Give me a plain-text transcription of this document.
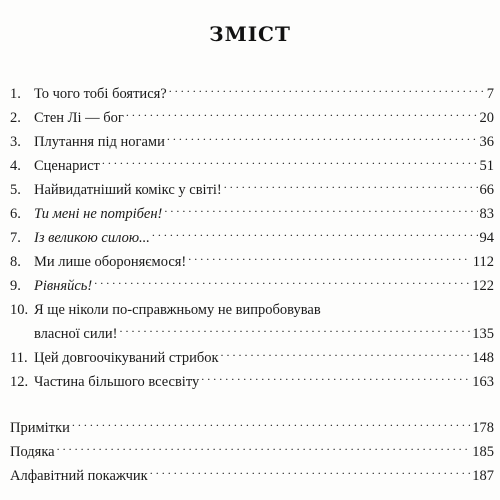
ЗМІСТ
1. То чого тобі боятися? . . .	7
2. Стен Лі — бог . . .	20
3. Плутання під ногами . . .	36
4. Сценарист . . .	51
5. Найвидатніший комікс у світі! . . .	66
6. Ти мені не потрібен! . . .	83
7. Із великою силою... . . .	94
8. Ми лише обороняємося! . . .	112
9. Рівняйсь! . . .	122
10. Я ще ніколи по-справжньому не випробовував
власної сили! . . .	135
11. Цей довгоочікуваний стрибок . . .	148
12. Частина більшого всесвіту . . .	163
Примітки . . .	178
Подяка . . .	185
Алфавітний покажчик . . .	187
